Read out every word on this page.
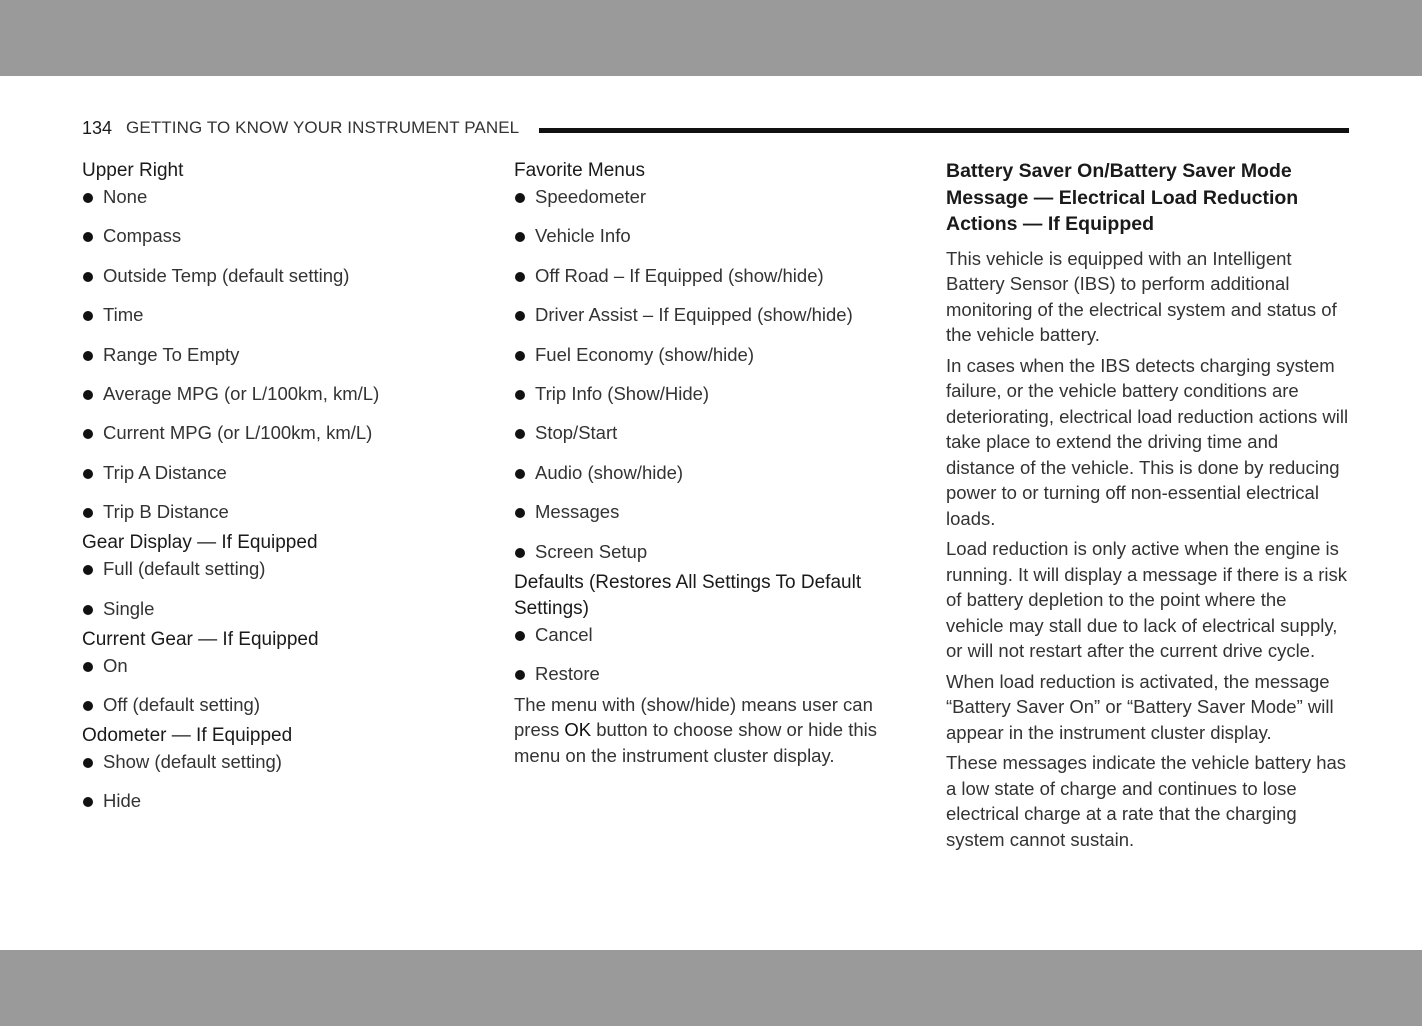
134 GETTING TO KNOW YOUR INSTRUMENT PANEL
Upper Right
None
Compass
Outside Temp (default setting)
Time
Range To Empty
Average MPG (or L/100km, km/L)
Current MPG (or L/100km, km/L)
Trip A Distance
Trip B Distance
Gear Display — If Equipped
Full (default setting)
Single
Current Gear — If Equipped
On
Off (default setting)
Odometer — If Equipped
Show (default setting)
Hide
Favorite Menus
Speedometer
Vehicle Info
Off Road – If Equipped (show/hide)
Driver Assist – If Equipped (show/hide)
Fuel Economy (show/hide)
Trip Info (Show/Hide)
Stop/Start
Audio (show/hide)
Messages
Screen Setup
Defaults (Restores All Settings To Default Settings)
Cancel
Restore

The menu with (show/hide) means user can press OK button to choose show or hide this menu on the instrument cluster display.

Battery Saver On/Battery Saver Mode Message — Electrical Load Reduction Actions — If Equipped

This vehicle is equipped with an Intelligent Battery Sensor (IBS) to perform additional monitoring of the electrical system and status of the vehicle battery.

In cases when the IBS detects charging system failure, or the vehicle battery conditions are deteriorating, electrical load reduction actions will take place to extend the driving time and distance of the vehicle. This is done by reducing power to or turning off non-essential electrical loads.

Load reduction is only active when the engine is running. It will display a message if there is a risk of battery depletion to the point where the vehicle may stall due to lack of electrical supply, or will not restart after the current drive cycle.

When load reduction is activated, the message “Battery Saver On” or “Battery Saver Mode” will appear in the instrument cluster display.

These messages indicate the vehicle battery has a low state of charge and continues to lose electrical charge at a rate that the charging system cannot sustain.
